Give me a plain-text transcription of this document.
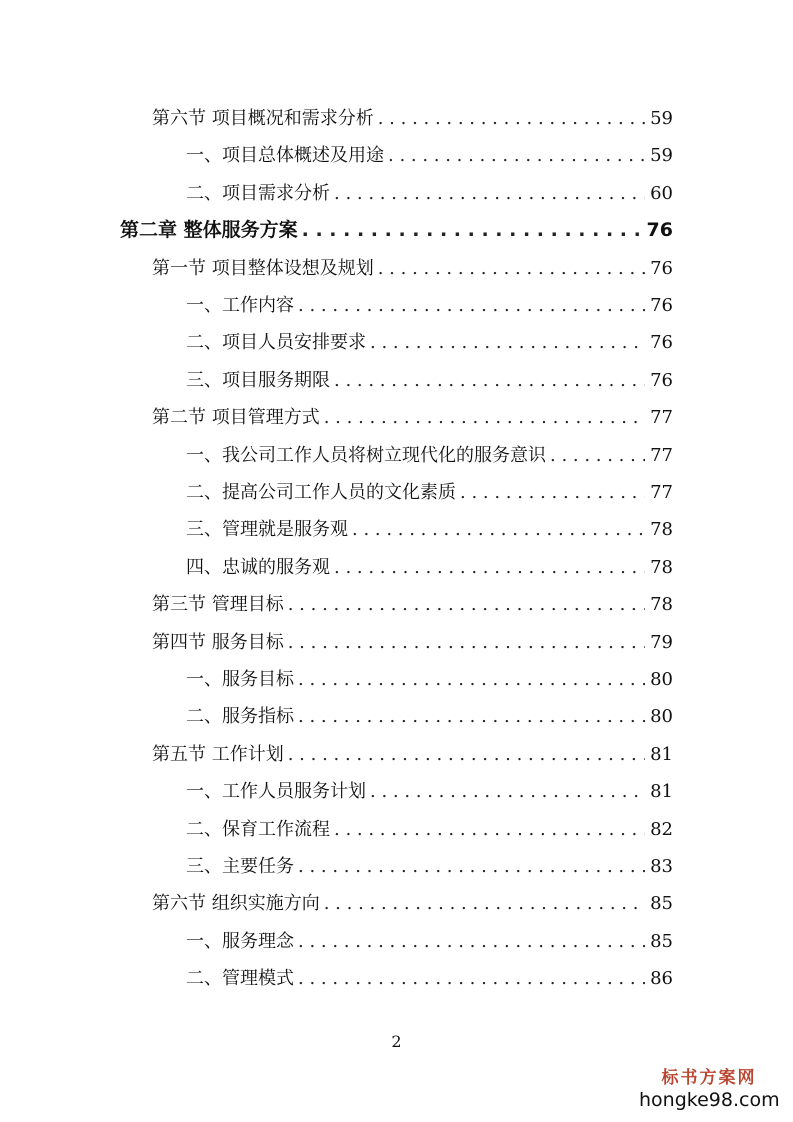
第六节 项目概况和需求分析 . . .	59
一、项目总体概述及用途 . . .	59
二、项目需求分析 . . .	60
第二章 整体服务方案 . . .	76
第一节 项目整体设想及规划 . . .	76
一、工作内容 . . .	76
二、项目人员安排要求 . . .	76
三、项目服务期限 . . .	76
第二节 项目管理方式 . . .	77
一、我公司工作人员将树立现代化的服务意识 . . .	77
二、提高公司工作人员的文化素质 . . .	77
三、管理就是服务观 . . .	78
四、忠诚的服务观 . . .	78
第三节 管理目标 . . .	78
第四节 服务目标 . . .	79
一、服务目标 . . .	80
二、服务指标 . . .	80
第五节 工作计划 . . .	81
一、工作人员服务计划 . . .	81
二、保育工作流程 . . .	82
三、主要任务 . . .	83
第六节 组织实施方向 . . .	85
一、服务理念 . . .	85
二、管理模式 . . .	86
2
标书方案网
hongke98.com
